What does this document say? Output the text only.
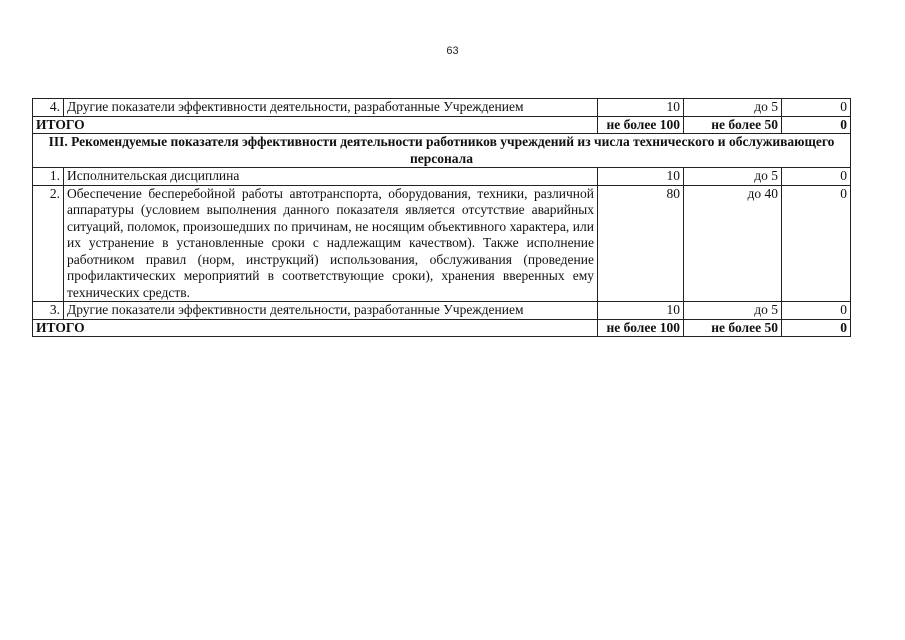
63
4.	Другие показатели эффективности деятельности, разработанные Учреждением	10	до 5	0
ИТОГО		не более 100	не более 50	0
III. Рекомендуемые показателя эффективности деятельности работников учреждений из числа технического и обслуживающего персонала				
1.	Исполнительская дисциплина	10	до 5	0
2.	Обеспечение бесперебойной работы автотранспорта, оборудования, техники, различной аппаратуры (условием выполнения данного показателя является отсутствие аварийных ситуаций, поломок, произошедших по причинам, не носящим объективного характера, или их устранение в установленные сроки с надлежащим качеством). Также исполнение работником правил (норм, инструкций) использования, обслуживания (проведение профилактических мероприятий в соответствующие сроки), хранения вверенных ему технических средств.	80	до 40	0
3.	Другие показатели эффективности деятельности, разработанные Учреждением	10	до 5	0
ИТОГО		не более 100	не более 50	0
